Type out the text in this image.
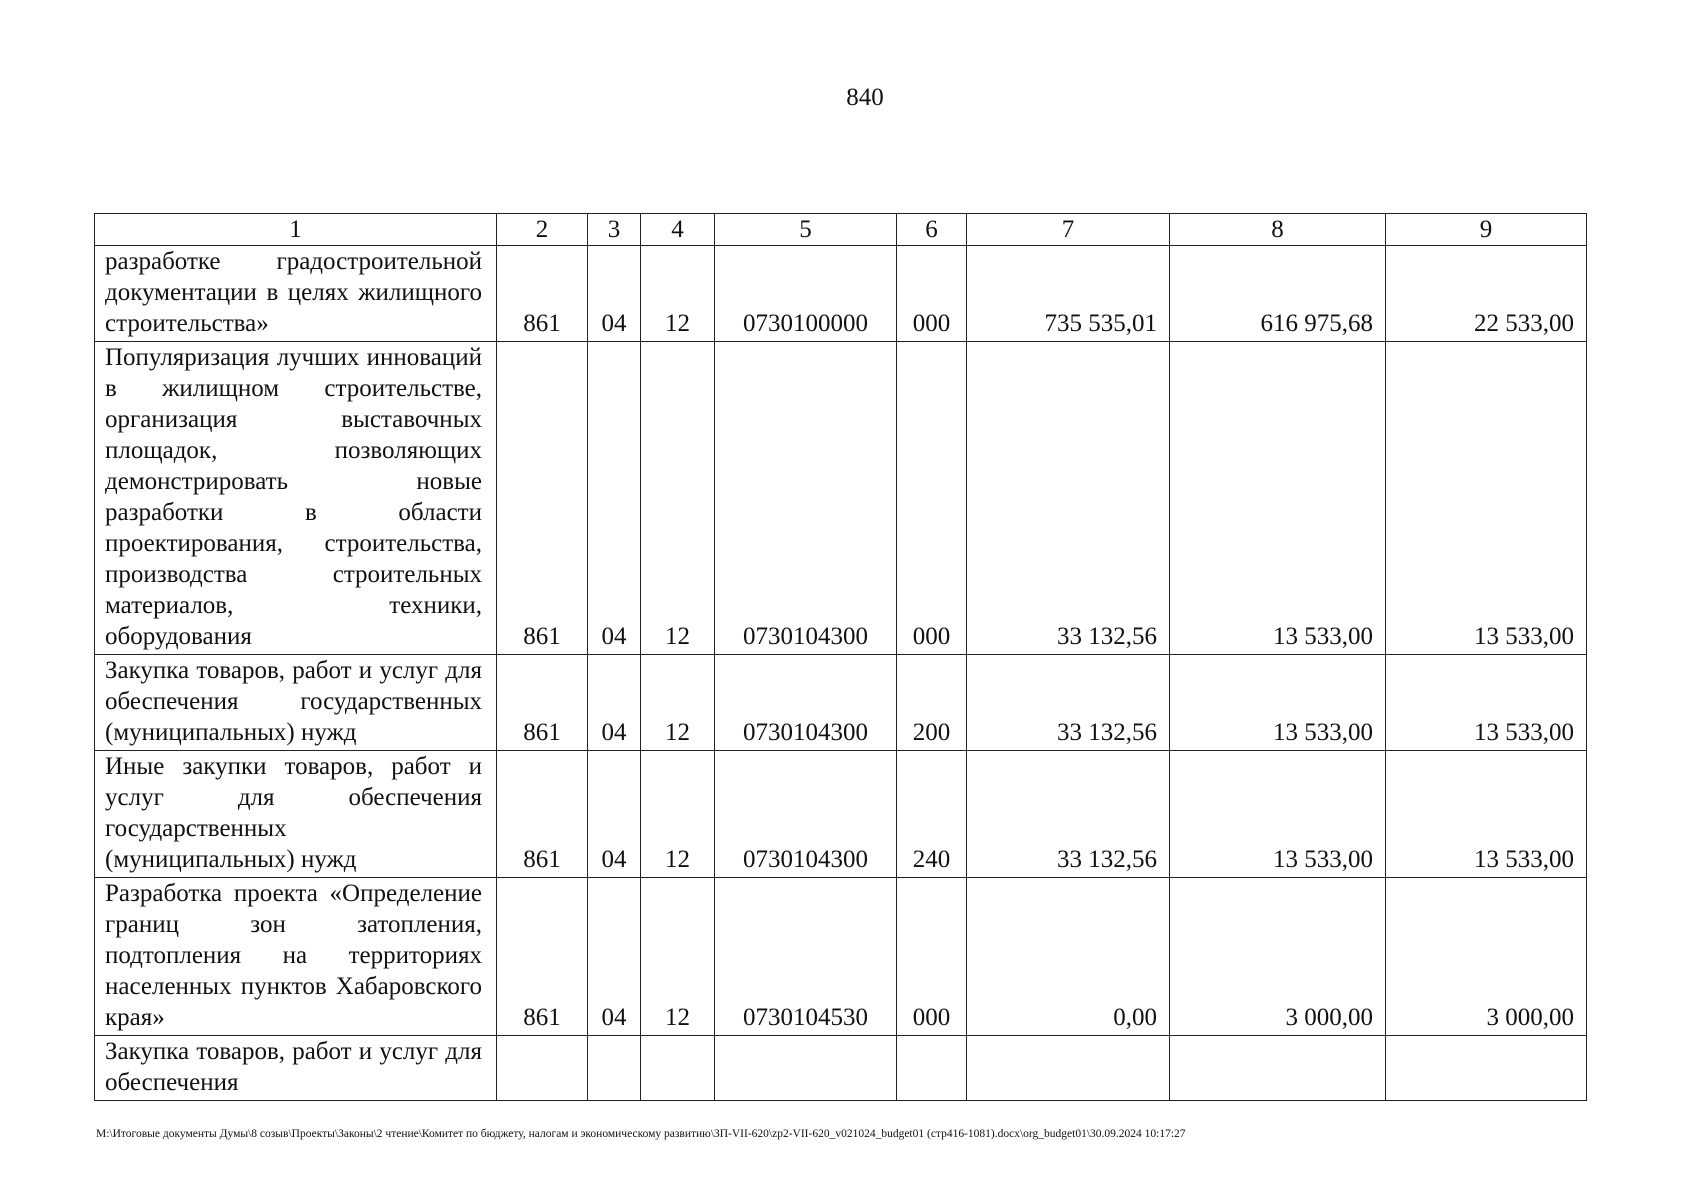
840
1	2	3	4	5	6	7	8	9
разработке градостроительной документации в целях жилищного строительства»	861	04	12	0730100000	000	735 535,01	616 975,68	22 533,00
Популяризация лучших инноваций в жилищном строительстве, организация выставочных площадок, позволяющих демонстрировать новые разработки в области проектирования, строительства, производства строительных материалов, техники, оборудования	861	04	12	0730104300	000	33 132,56	13 533,00	13 533,00
Закупка товаров, работ и услуг для обеспечения государственных (муниципальных) нужд	861	04	12	0730104300	200	33 132,56	13 533,00	13 533,00
Иные закупки товаров, работ и услуг для обеспечения государственных (муниципальных) нужд	861	04	12	0730104300	240	33 132,56	13 533,00	13 533,00
Разработка проекта «Определение границ зон затопления, подтопления на территориях населенных пунктов Хабаровского края»	861	04	12	0730104530	000	0,00	3 000,00	3 000,00
Закупка товаров, работ и услуг для обеспечения								
М:\Итоговые документы Думы\8 созыв\Проекты\Законы\2 чтение\Комитет по бюджету, налогам и экономическому развитию\ЗП-VII-620\zp2-VII-620_v021024_budget01 (стр416-1081).docx\org_budget01\30.09.2024 10:17:27
